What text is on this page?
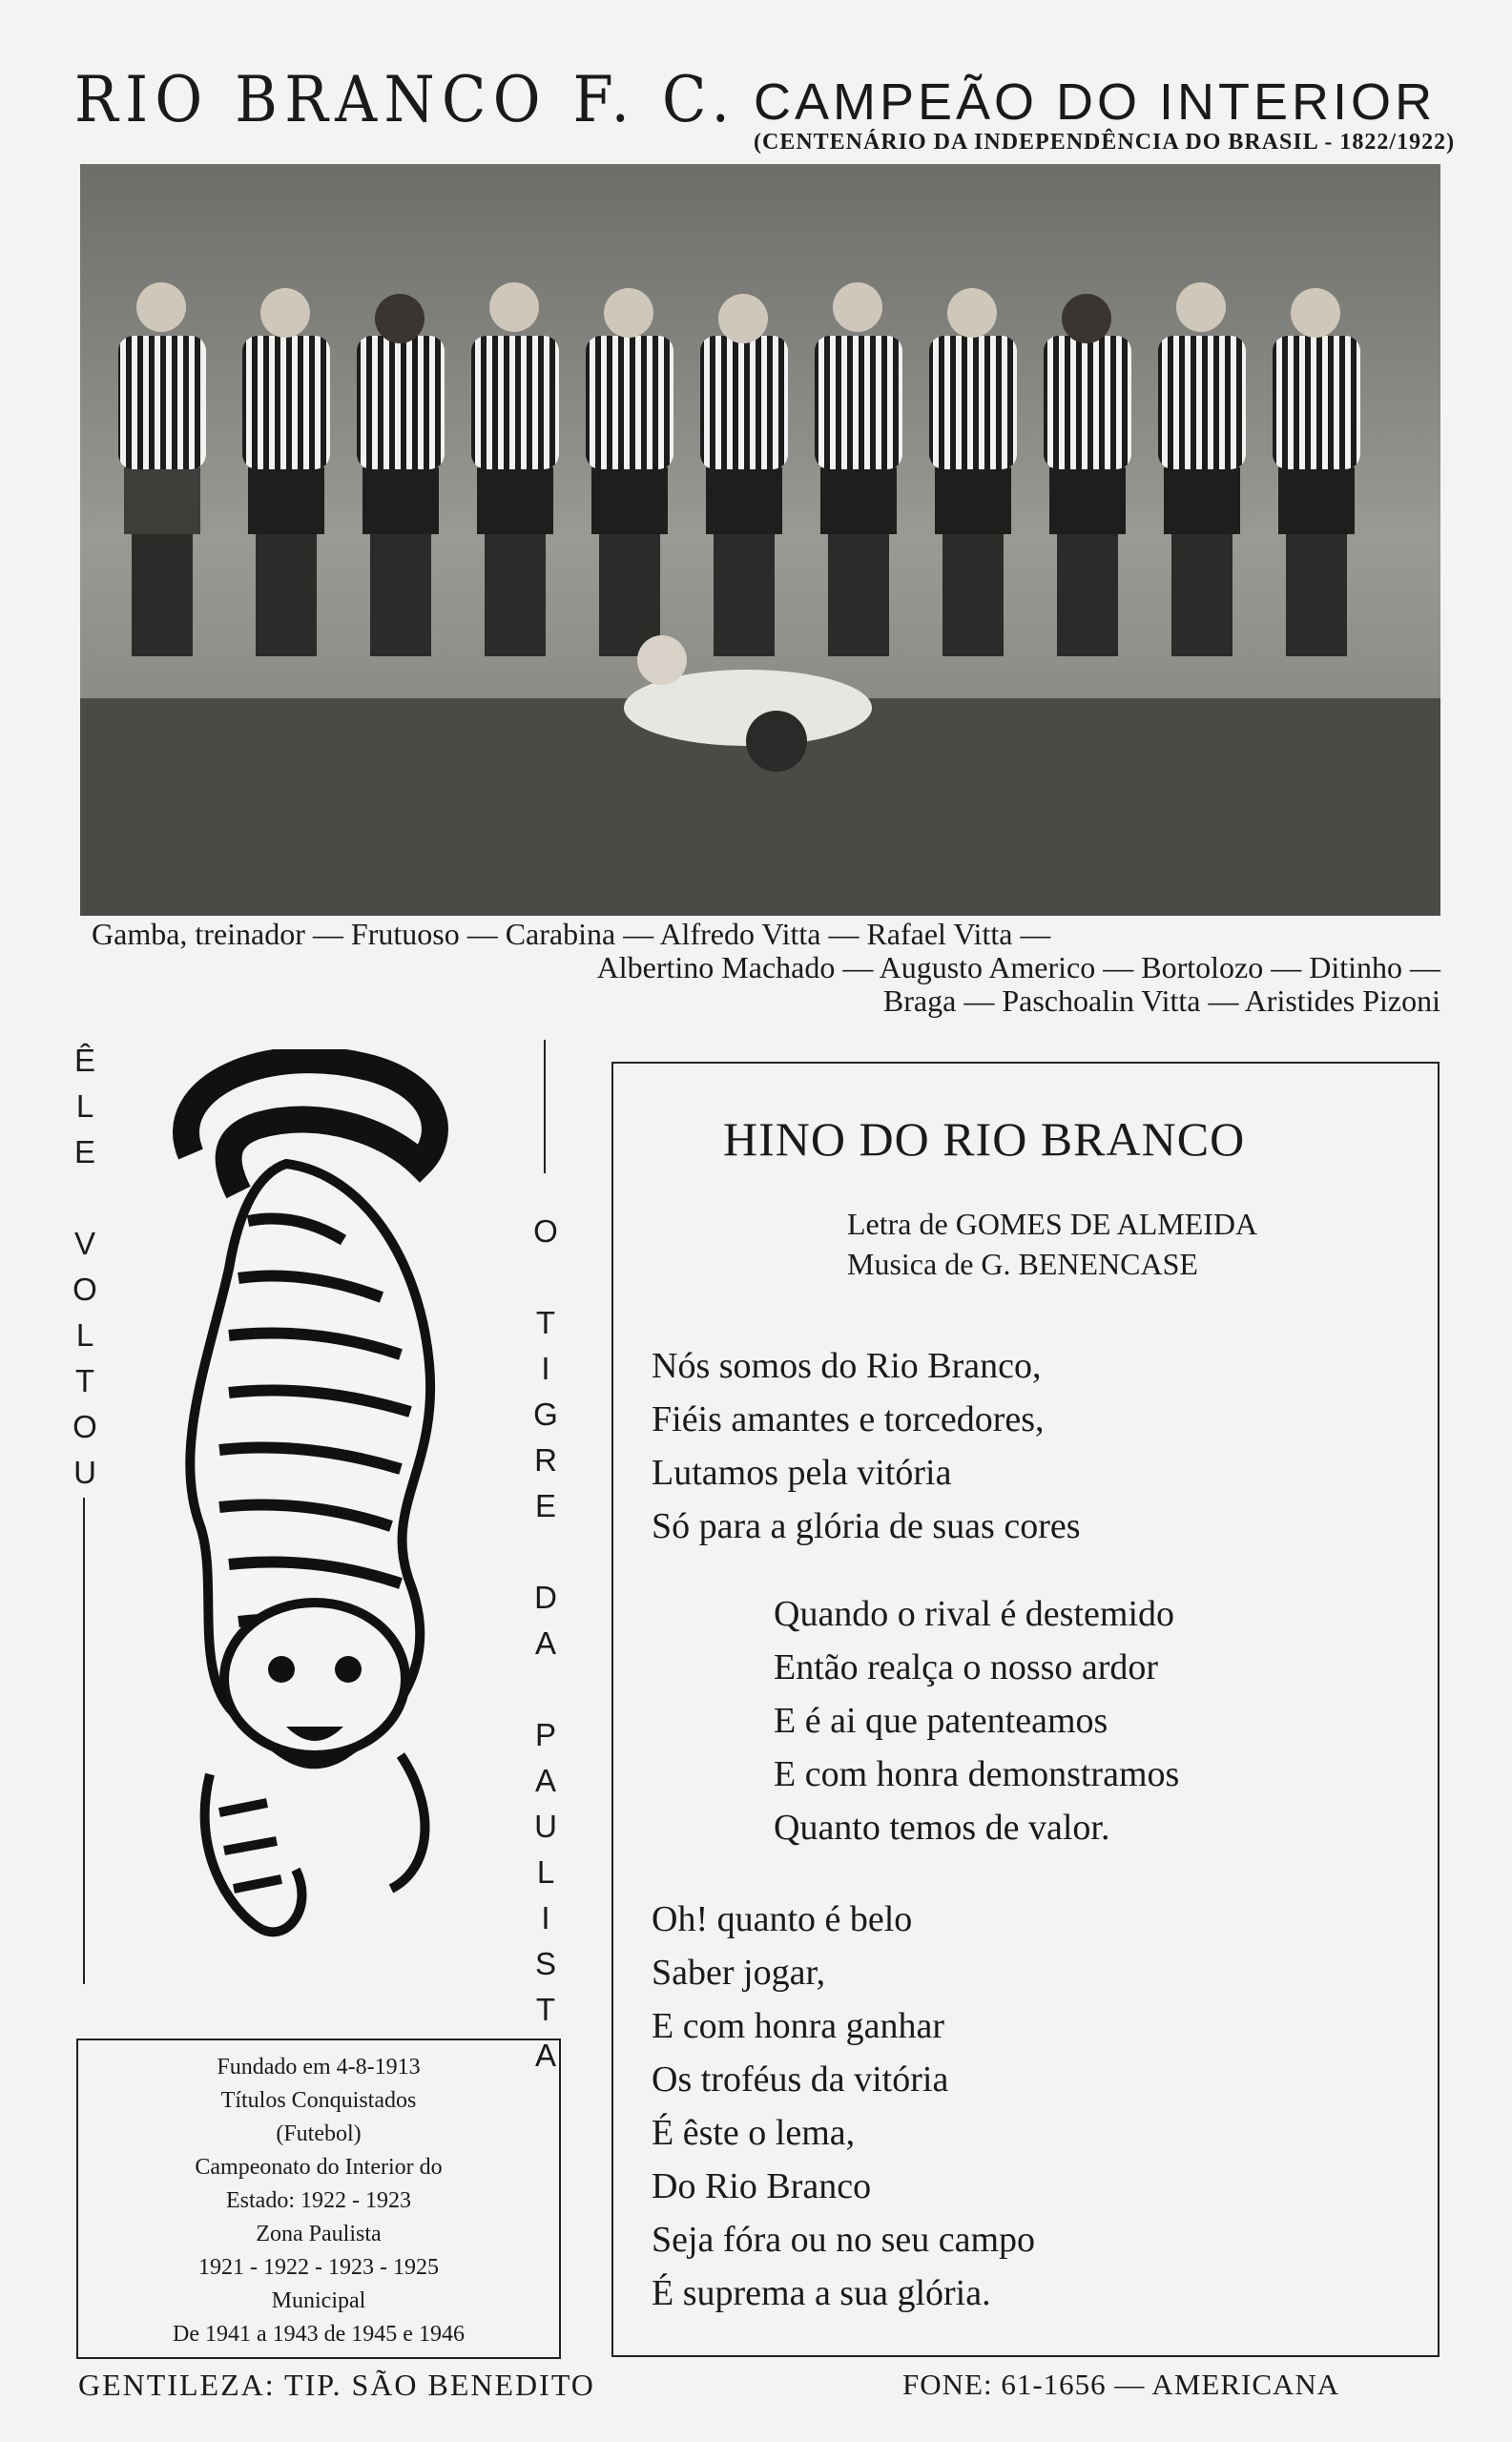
RIO BRANCO F. C. CAMPEÃO DO INTERIOR
(CENTENÁRIO DA INDEPENDÊNCIA DO BRASIL - 1822/1922)
Gamba, treinador — Frutuoso — Carabina — Alfredo Vitta — Rafael Vitta —
Albertino Machado — Augusto Americo — Bortolozo — Ditinho —
Braga — Paschoalin Vitta — Aristides Pizoni
Ê
L
E

V
O
L
T
O
U
O

T
I
G
R
E

D
A

P
A
U
L
I
S
T
A
HINO DO RIO BRANCO
Letra de GOMES DE ALMEIDA
Musica de G. BENENCASE
Nós somos do Rio Branco,
Fiéis amantes e torcedores,
Lutamos pela vitória
Só para a glória de suas cores
Quando o rival é destemido
Então realça o nosso ardor
E é ai que patenteamos
E com honra demonstramos
Quanto temos de valor.
Oh! quanto é belo
Saber jogar,
E com honra ganhar
Os troféus da vitória
É êste o lema,
Do Rio Branco
Seja fóra ou no seu campo
É suprema a sua glória.
Fundado em 4-8-1913
Títulos Conquistados
(Futebol)
Campeonato do Interior do
Estado: 1922 - 1923
Zona Paulista
1921 - 1922 - 1923 - 1925
Municipal
De 1941 a 1943 de 1945 e 1946
GENTILEZA: TIP. SÃO BENEDITO	FONE: 61-1656 — AMERICANA
